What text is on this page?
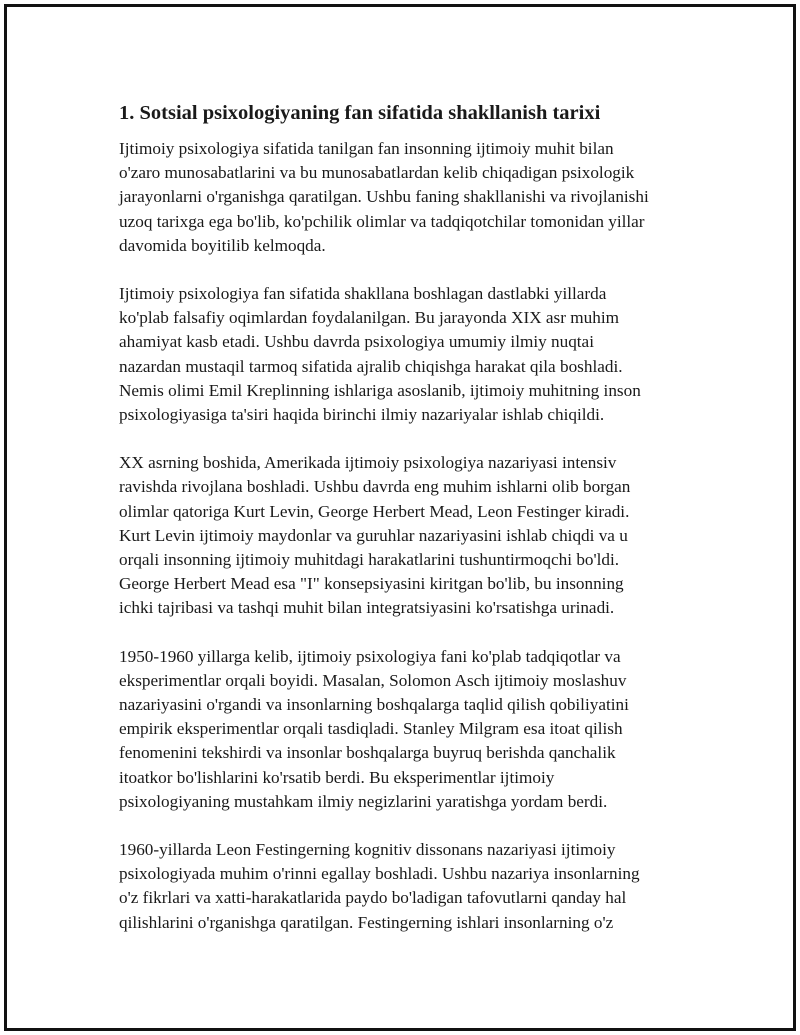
1. Sotsial psixologiyaning fan sifatida shakllanish tarixi
Ijtimoiy psixologiya sifatida tanilgan fan insonning ijtimoiy muhit bilan
o'zaro munosabatlarini va bu munosabatlardan kelib chiqadigan psixologik
jarayonlarni o'rganishga qaratilgan. Ushbu faning shakllanishi va rivojlanishi
uzoq tarixga ega bo'lib, ko'pchilik olimlar va tadqiqotchilar tomonidan yillar
davomida boyitilib kelmoqda.
Ijtimoiy psixologiya fan sifatida shakllana boshlagan dastlabki yillarda
ko'plab falsafiy oqimlardan foydalanilgan. Bu jarayonda XIX asr muhim
ahamiyat kasb etadi. Ushbu davrda psixologiya umumiy ilmiy nuqtai
nazardan mustaqil tarmoq sifatida ajralib chiqishga harakat qila boshladi.
Nemis olimi Emil Kreplinning ishlariga asoslanib, ijtimoiy muhitning inson
psixologiyasiga ta'siri haqida birinchi ilmiy nazariyalar ishlab chiqildi.
XX asrning boshida, Amerikada ijtimoiy psixologiya nazariyasi intensiv
ravishda rivojlana boshladi. Ushbu davrda eng muhim ishlarni olib borgan
olimlar qatoriga Kurt Levin, George Herbert Mead, Leon Festinger kiradi.
Kurt Levin ijtimoiy maydonlar va guruhlar nazariyasini ishlab chiqdi va u
orqali insonning ijtimoiy muhitdagi harakatlarini tushuntirmoqchi bo'ldi.
George Herbert Mead esa "I" konsepsiyasini kiritgan bo'lib, bu insonning
ichki tajribasi va tashqi muhit bilan integratsiyasini ko'rsatishga urinadi.
1950-1960 yillarga kelib, ijtimoiy psixologiya fani ko'plab tadqiqotlar va
eksperimentlar orqali boyidi. Masalan, Solomon Asch ijtimoiy moslashuv
nazariyasini o'rgandi va insonlarning boshqalarga taqlid qilish qobiliyatini
empirik eksperimentlar orqali tasdiqladi. Stanley Milgram esa itoat qilish
fenomenini tekshirdi va insonlar boshqalarga buyruq berishda qanchalik
itoatkor bo'lishlarini ko'rsatib berdi. Bu eksperimentlar ijtimoiy
psixologiyaning mustahkam ilmiy negizlarini yaratishga yordam berdi.
1960-yillarda Leon Festingerning kognitiv dissonans nazariyasi ijtimoiy
psixologiyada muhim o'rinni egallay boshladi. Ushbu nazariya insonlarning
o'z fikrlari va xatti-harakatlarida paydo bo'ladigan tafovutlarni qanday hal
qilishlarini o'rganishga qaratilgan. Festingerning ishlari insonlarning o'z
